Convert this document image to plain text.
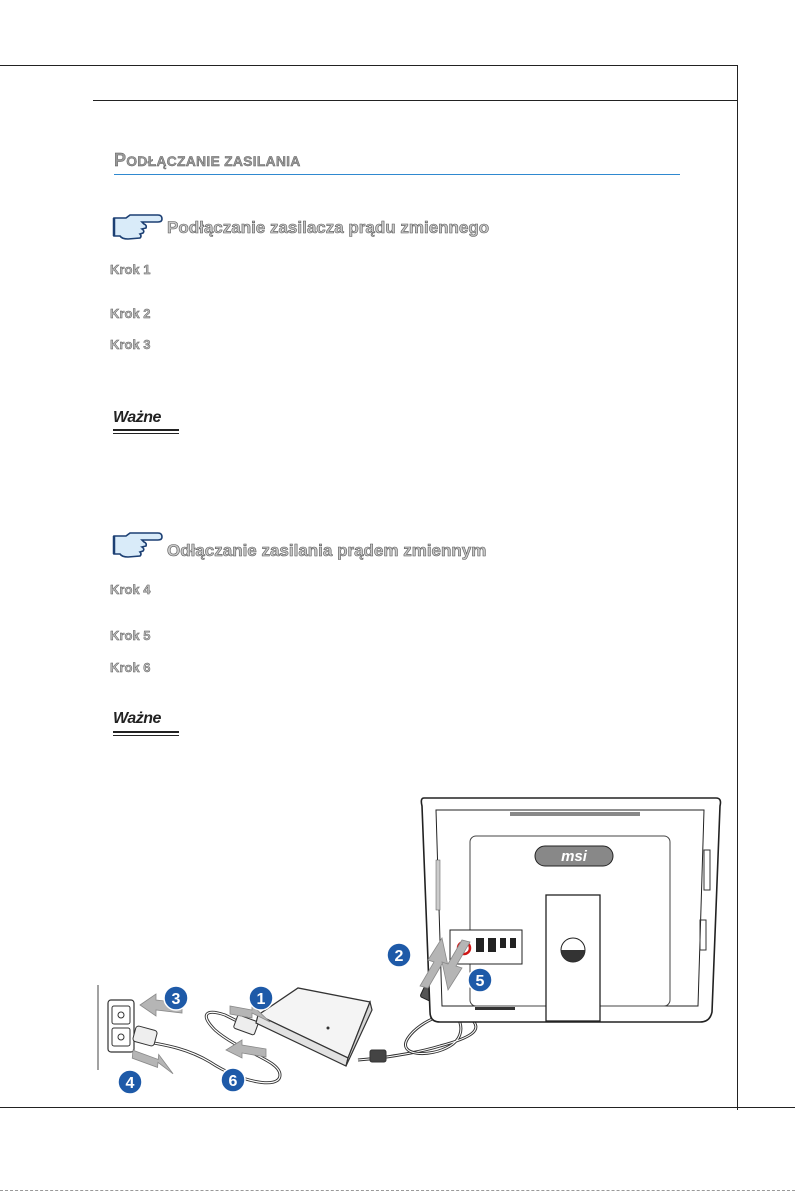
PODŁĄCZANIE ZASILANIA
Podłączanie zasilacza prądu zmiennego
Krok 1
Krok 2
Krok 3
Ważne
Odłączanie zasilania prądem zmiennym
Krok 4
Krok 5
Krok 6
Ważne
msi
1
2
3
4
5
6
